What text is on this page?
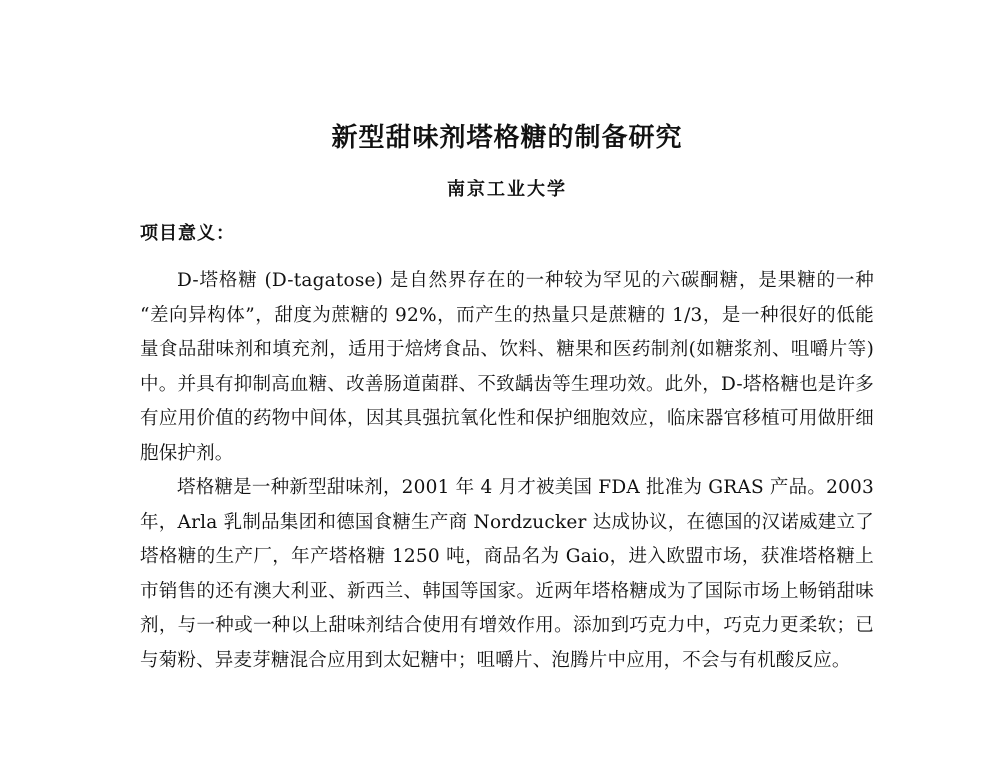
新型甜味剂塔格糖的制备研究
南京工业大学
项目意义：

D-塔格糖 (D-tagatose) 是自然界存在的一种较为罕见的六碳酮糖，是果糖的一种 “差向异构体”，甜度为蔗糖的 92%，而产生的热量只是蔗糖的 1/3，是一种很好的低能量食品甜味剂和填充剂，适用于焙烤食品、饮料、糖果和医药制剂(如糖浆剂、咀嚼片等)中。并具有抑制高血糖、改善肠道菌群、不致龋齿等生理功效。此外，D-塔格糖也是许多有应用价值的药物中间体，因其具强抗氧化性和保护细胞效应，临床器官移植可用做肝细胞保护剂。

塔格糖是一种新型甜味剂，2001 年 4 月才被美国 FDA 批准为 GRAS 产品。2003 年，Arla 乳制品集团和德国食糖生产商 Nordzucker 达成协议，在德国的汉诺威建立了塔格糖的生产厂，年产塔格糖 1250 吨，商品名为 Gaio，进入欧盟市场，获准塔格糖上市销售的还有澳大利亚、新西兰、韩国等国家。近两年塔格糖成为了国际市场上畅销甜味剂，与一种或一种以上甜味剂结合使用有增效作用。添加到巧克力中，巧克力更柔软；已与菊粉、异麦芽糖混合应用到太妃糖中；咀嚼片、泡腾片中应用，不会与有机酸反应。
